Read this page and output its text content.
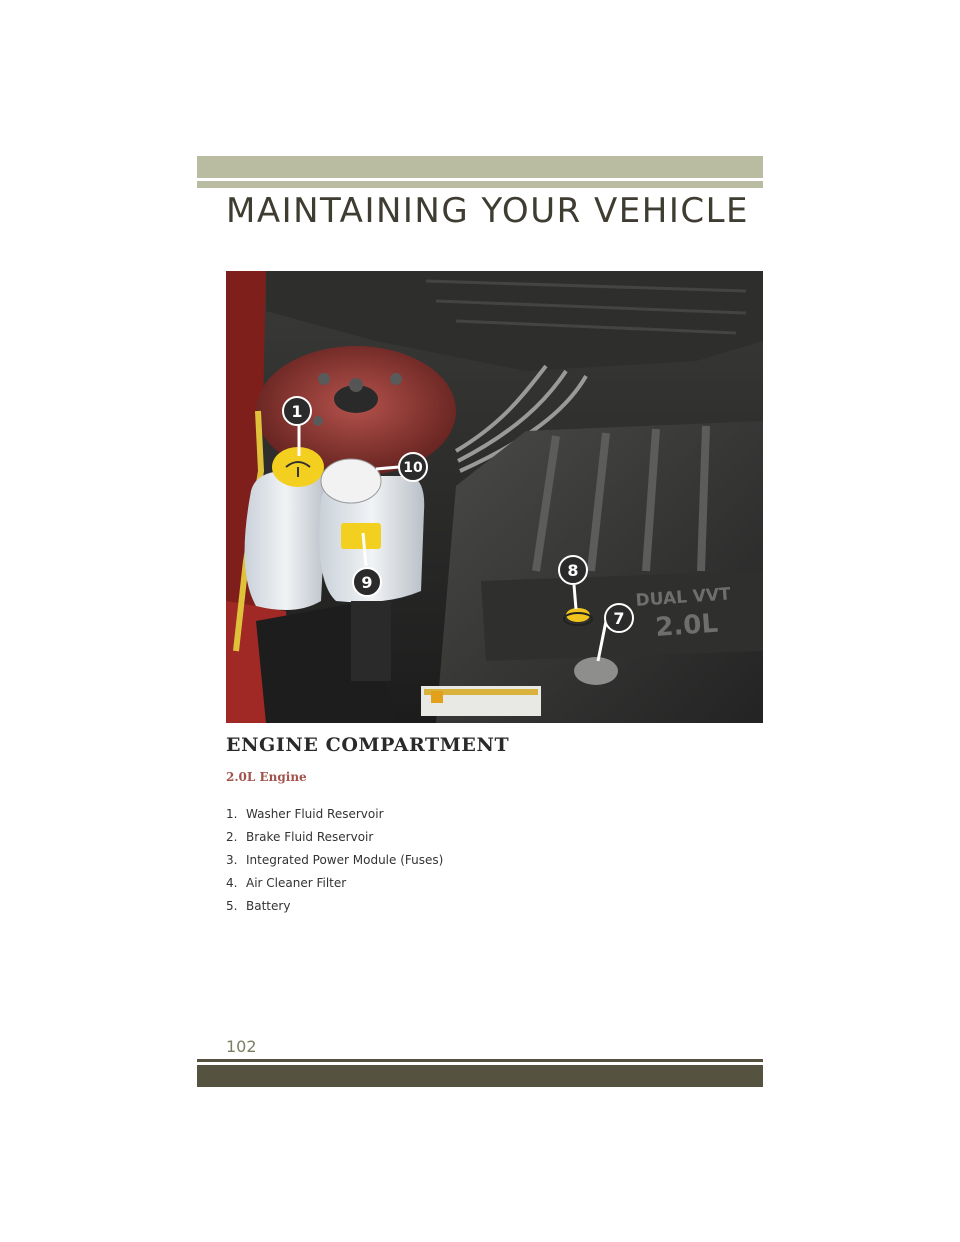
MAINTAINING YOUR VEHICLE
DUAL VVT
2.0L
1
10
9
8
7
ENGINE COMPARTMENT
2.0L Engine
1. Washer Fluid Reservoir
2. Brake Fluid Reservoir
3. Integrated Power Module (Fuses)
4. Air Cleaner Filter
5. Battery
102
